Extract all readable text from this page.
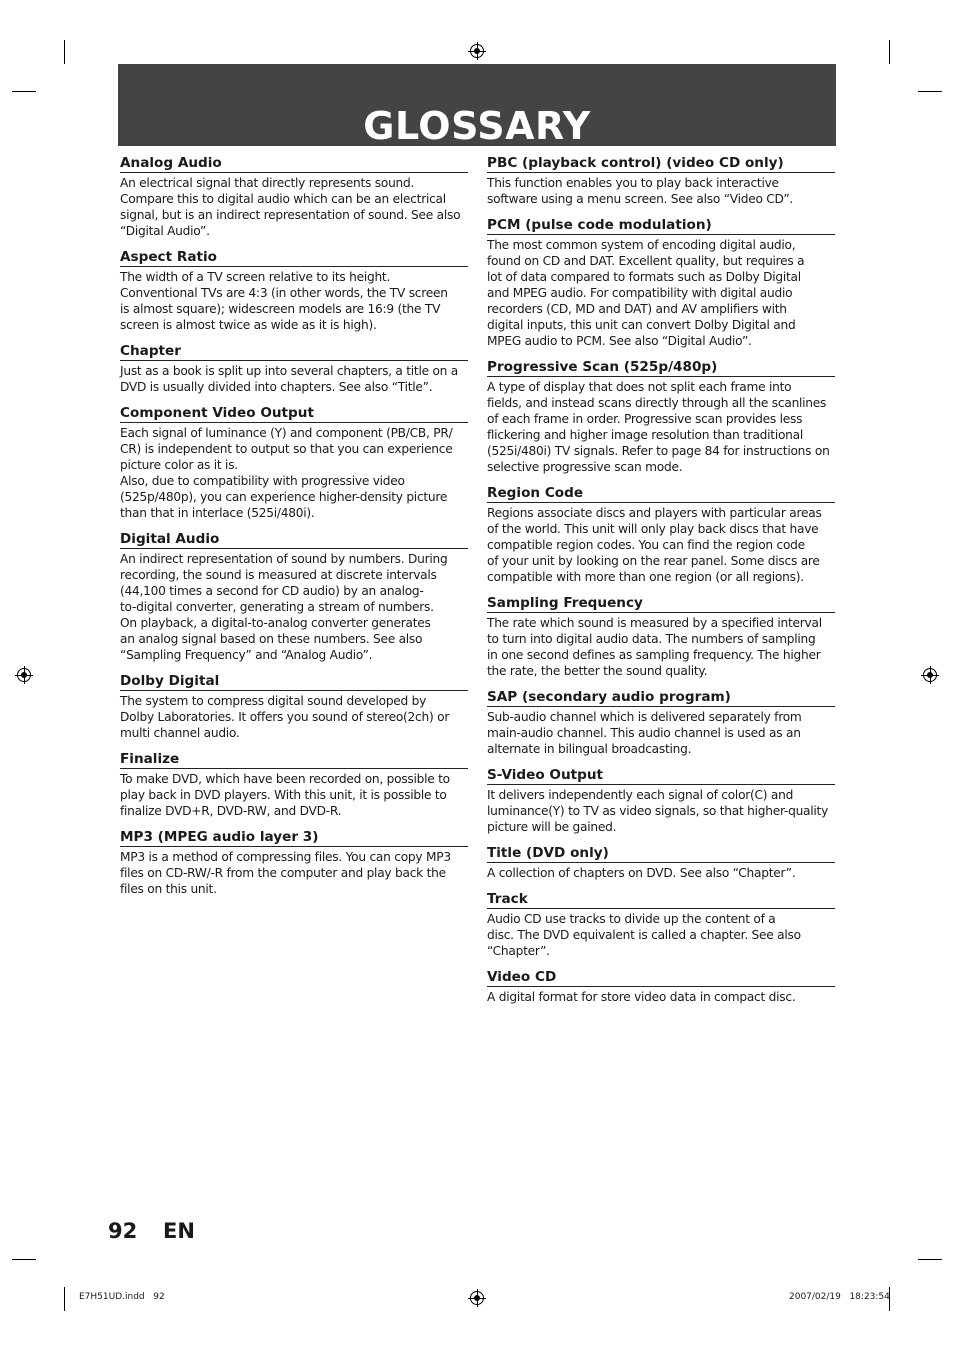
GLOSSARY
Analog Audio
An electrical signal that directly represents sound.
Compare this to digital audio which can be an electrical
signal, but is an indirect representation of sound. See also
“Digital Audio”.
Aspect Ratio
The width of a TV screen relative to its height.
Conventional TVs are 4:3 (in other words, the TV screen
is almost square); widescreen models are 16:9 (the TV
screen is almost twice as wide as it is high).
Chapter
Just as a book is split up into several chapters, a title on a
DVD is usually divided into chapters. See also “Title”.
Component Video Output
Each signal of luminance (Y) and component (PB/CB, PR/
CR) is independent to output so that you can experience
picture color as it is.
Also, due to compatibility with progressive video
(525p/480p), you can experience higher-density picture
than that in interlace (525i/480i).
Digital Audio
An indirect representation of sound by numbers. During
recording, the sound is measured at discrete intervals
(44,100 times a second for CD audio) by an analog-
to-digital converter, generating a stream of numbers.
On playback, a digital-to-analog converter generates
an analog signal based on these numbers. See also
“Sampling Frequency” and “Analog Audio”.
Dolby Digital
The system to compress digital sound developed by
Dolby Laboratories. It offers you sound of stereo(2ch) or
multi channel audio.
Finalize
To make DVD, which have been recorded on, possible to
play back in DVD players. With this unit, it is possible to
finalize DVD+R, DVD-RW, and DVD-R.
MP3 (MPEG audio layer 3)
MP3 is a method of compressing files. You can copy MP3
files on CD-RW/-R from the computer and play back the
files on this unit.
PBC (playback control) (video CD only)
This function enables you to play back interactive
software using a menu screen. See also “Video CD”.
PCM (pulse code modulation)
The most common system of encoding digital audio,
found on CD and DAT. Excellent quality, but requires a
lot of data compared to formats such as Dolby Digital
and MPEG audio. For compatibility with digital audio
recorders (CD, MD and DAT) and AV amplifiers with
digital inputs, this unit can convert Dolby Digital and
MPEG audio to PCM. See also “Digital Audio”.
Progressive Scan (525p/480p)
A type of display that does not split each frame into
fields, and instead scans directly through all the scanlines
of each frame in order. Progressive scan provides less
flickering and higher image resolution than traditional
(525i/480i) TV signals. Refer to page 84 for instructions on
selective progressive scan mode.
Region Code
Regions associate discs and players with particular areas
of the world. This unit will only play back discs that have
compatible region codes. You can find the region code
of your unit by looking on the rear panel. Some discs are
compatible with more than one region (or all regions).
Sampling Frequency
The rate which sound is measured by a specified interval
to turn into digital audio data. The numbers of sampling
in one second defines as sampling frequency. The higher
the rate, the better the sound quality.
SAP (secondary audio program)
Sub-audio channel which is delivered separately from
main-audio channel. This audio channel is used as an
alternate in bilingual broadcasting.
S-Video Output
It delivers independently each signal of color(C) and
luminance(Y) to TV as video signals, so that higher-quality
picture will be gained.
Title (DVD only)
A collection of chapters on DVD. See also “Chapter”.
Track
Audio CD use tracks to divide up the content of a
disc. The DVD equivalent is called a chapter. See also
“Chapter”.
Video CD
A digital format for store video data in compact disc.
92 EN
E7H51UD.indd   92	2007/02/19   18:23:54
